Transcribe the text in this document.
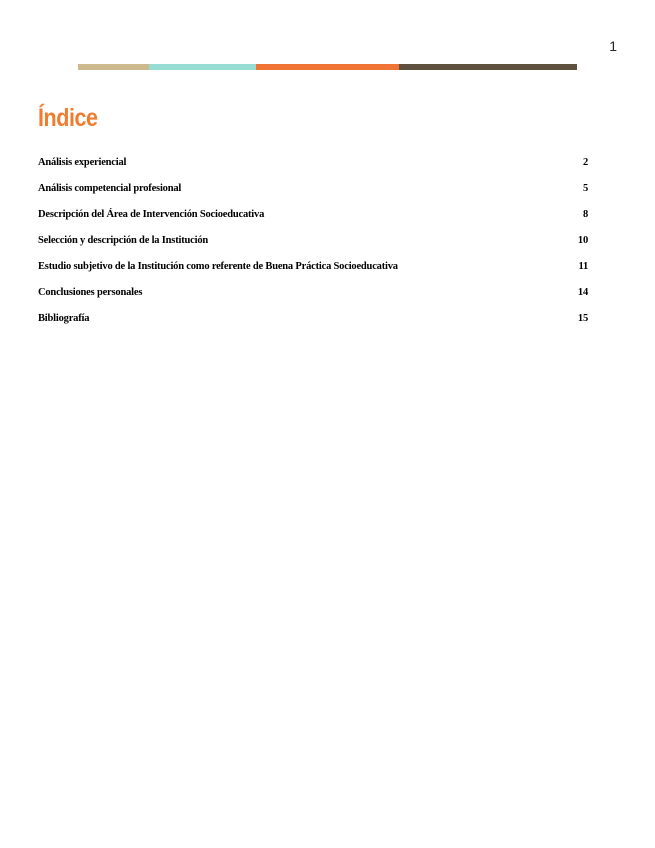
1
Índice
Análisis experiencial	2
Análisis competencial profesional	5
Descripción del Área de Intervención Socioeducativa	8
Selección y descripción de la Institución	10
Estudio subjetivo de la Institución como referente de Buena Práctica Socioeducativa	11
Conclusiones personales	14
Bibliografía	15
